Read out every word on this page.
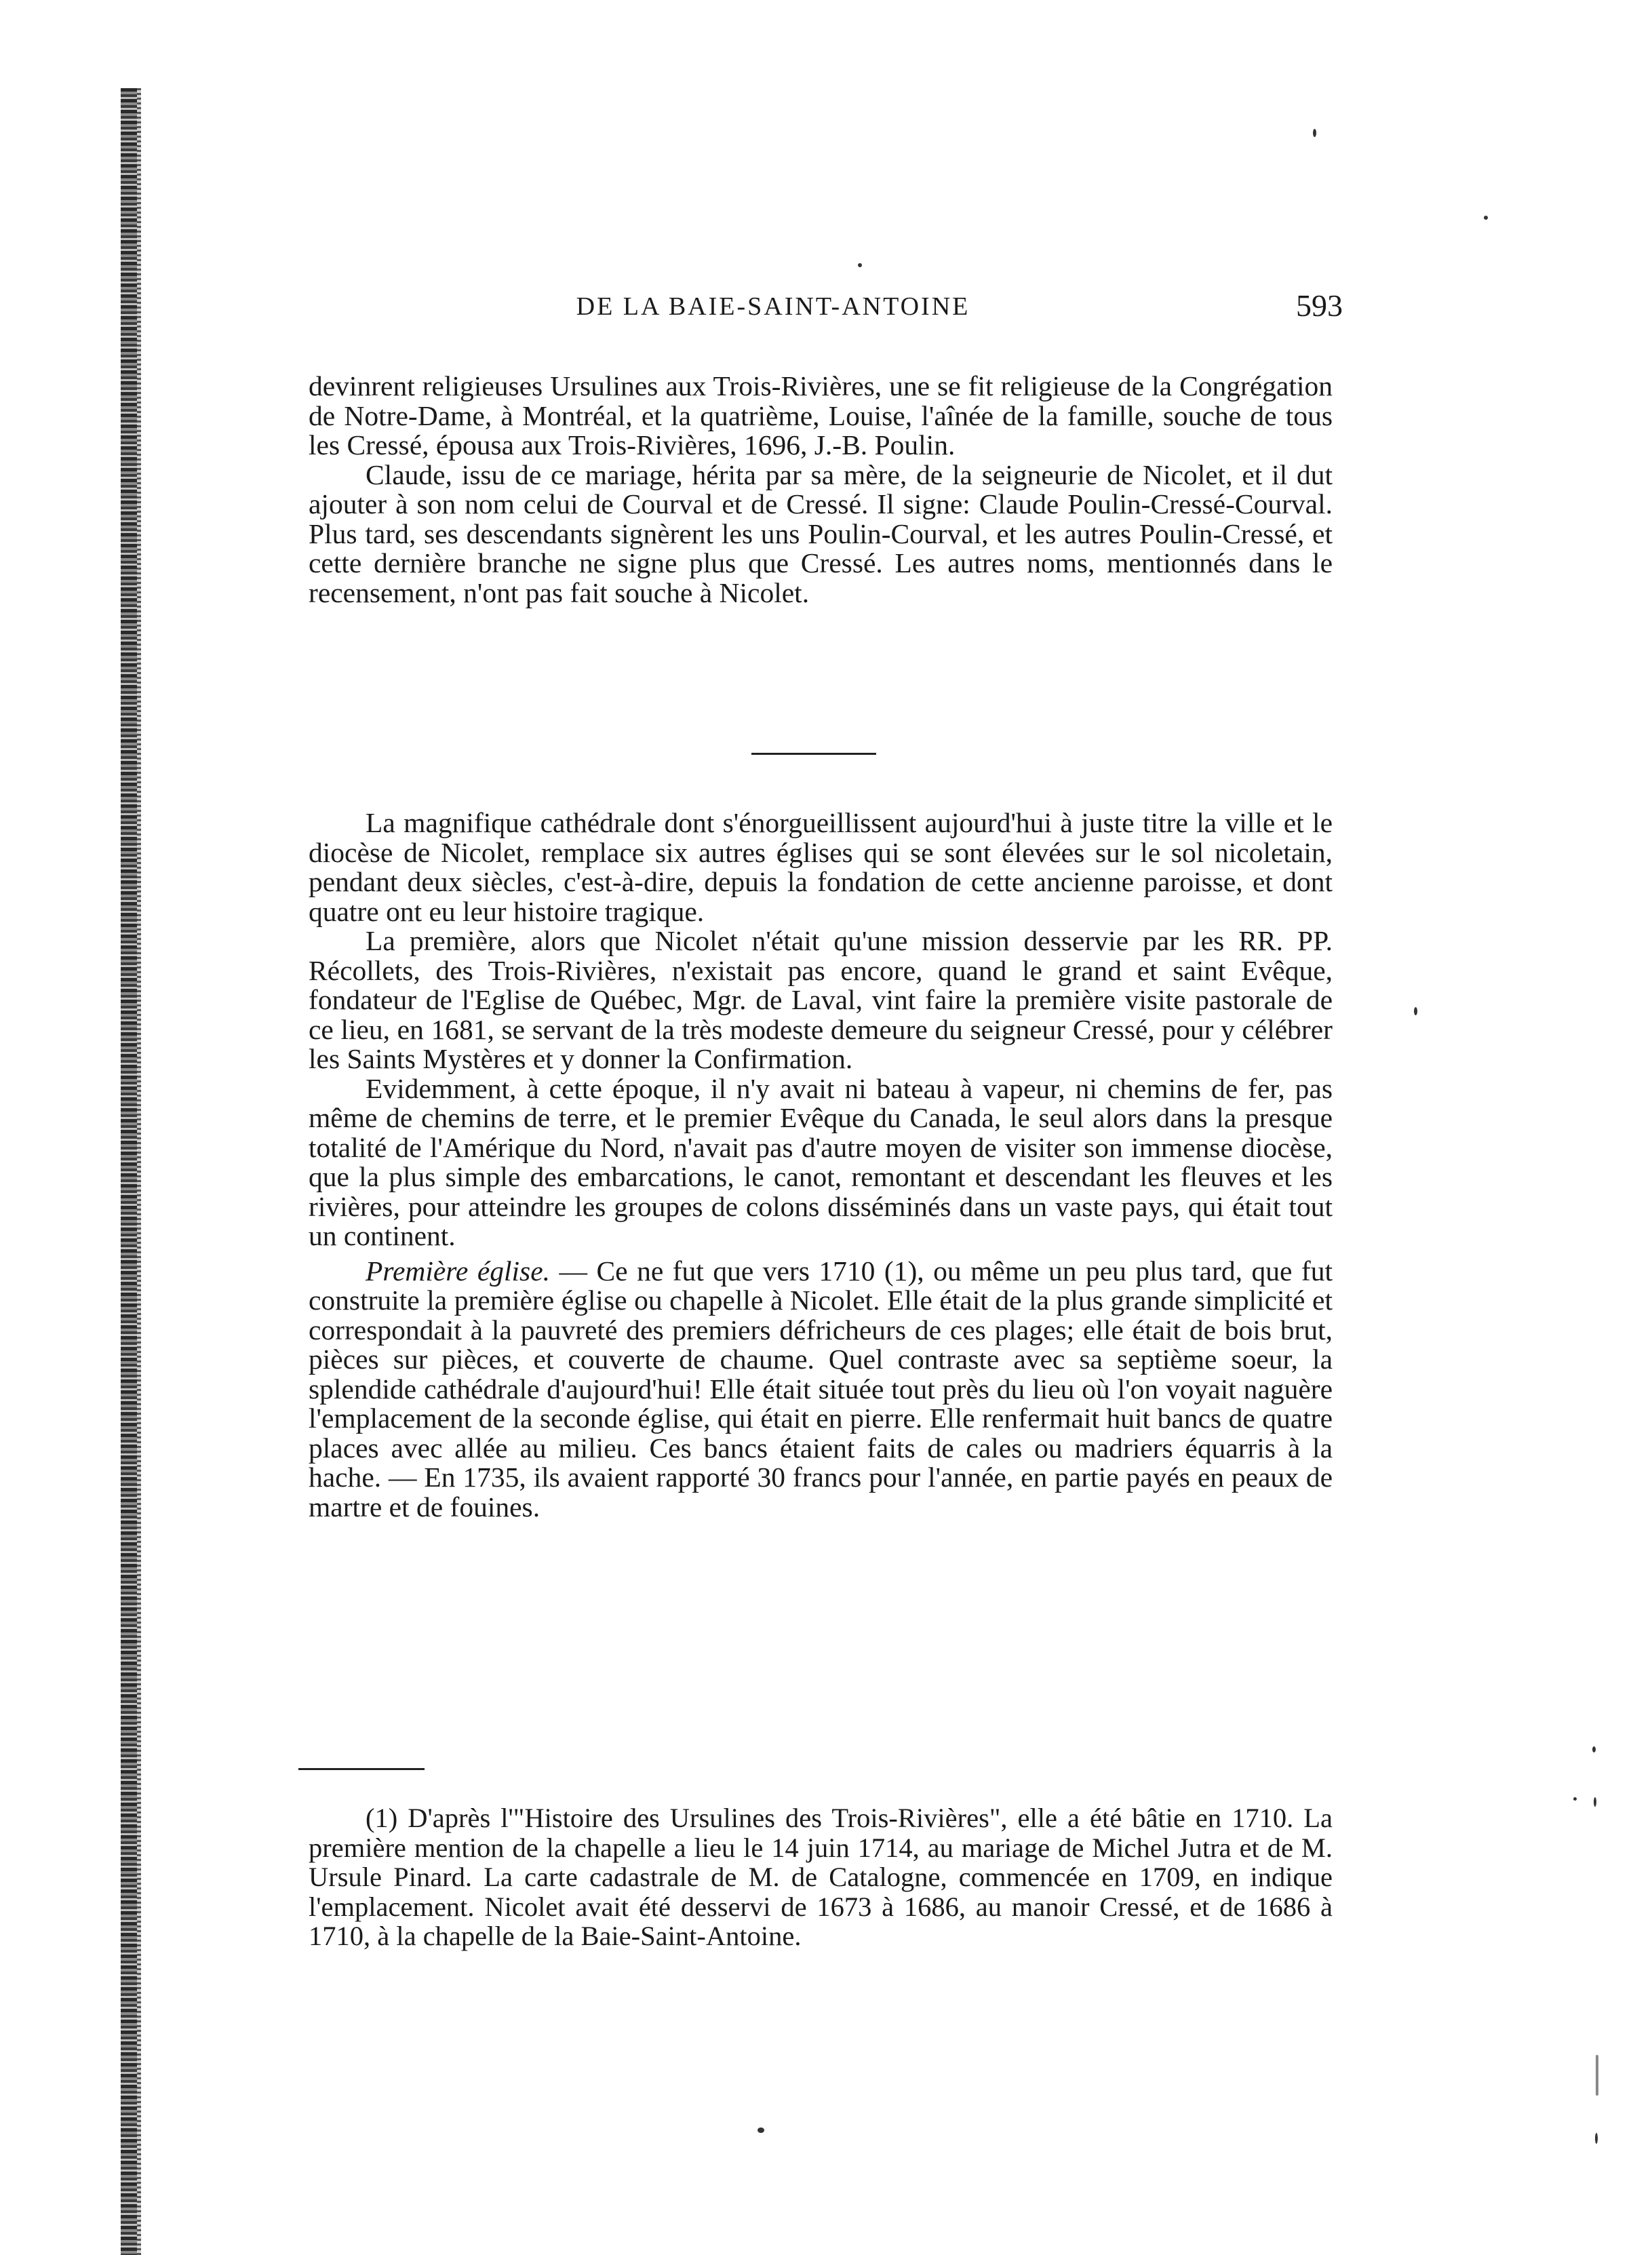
DE LA BAIE-SAINT-ANTOINE	593

devinrent religieuses Ursulines aux Trois-Rivières, une se fit religieuse de la Congrégation de Notre-Dame, à Montréal, et la quatrième, Louise, l'aînée de la famille, souche de tous les Cressé, épousa aux Trois-Rivières, 1696, J.-B. Poulin.

Claude, issu de ce mariage, hérita par sa mère, de la seigneurie de Nicolet, et il dut ajouter à son nom celui de Courval et de Cressé. Il signe: Claude Poulin-Cressé-Courval. Plus tard, ses descendants signèrent les uns Poulin-Courval, et les autres Poulin-Cressé, et cette dernière branche ne signe plus que Cressé. Les autres noms, mentionnés dans le recensement, n'ont pas fait souche à Nicolet.

La magnifique cathédrale dont s'énorgueillissent aujourd'hui à juste titre la ville et le diocèse de Nicolet, remplace six autres églises qui se sont élevées sur le sol nicoletain, pendant deux siècles, c'est-à-dire, depuis la fondation de cette ancienne paroisse, et dont quatre ont eu leur histoire tragique.

La première, alors que Nicolet n'était qu'une mission desservie par les RR. PP. Récollets, des Trois-Rivières, n'existait pas encore, quand le grand et saint Evêque, fondateur de l'Eglise de Québec, Mgr. de Laval, vint faire la première visite pastorale de ce lieu, en 1681, se servant de la très modeste demeure du seigneur Cressé, pour y célébrer les Saints Mystères et y donner la Confirmation.

Evidemment, à cette époque, il n'y avait ni bateau à vapeur, ni chemins de fer, pas même de chemins de terre, et le premier Evêque du Canada, le seul alors dans la presque totalité de l'Amérique du Nord, n'avait pas d'autre moyen de visiter son immense diocèse, que la plus simple des embarcations, le canot, remontant et descendant les fleuves et les rivières, pour atteindre les groupes de colons disséminés dans un vaste pays, qui était tout un continent.

Première église. — Ce ne fut que vers 1710 (1), ou même un peu plus tard, que fut construite la première église ou chapelle à Nicolet. Elle était de la plus grande simplicité et correspondait à la pauvreté des premiers défricheurs de ces plages; elle était de bois brut, pièces sur pièces, et couverte de chaume. Quel contraste avec sa septième soeur, la splendide cathédrale d'aujourd'hui! Elle était située tout près du lieu où l'on voyait naguère l'emplacement de la seconde église, qui était en pierre. Elle renfermait huit bancs de quatre places avec allée au milieu. Ces bancs étaient faits de cales ou madriers équarris à la hache. — En 1735, ils avaient rapporté 30 francs pour l'année, en partie payés en peaux de martre et de fouines.

(1) D'après l'"Histoire des Ursulines des Trois-Rivières", elle a été bâtie en 1710. La première mention de la chapelle a lieu le 14 juin 1714, au mariage de Michel Jutra et de M. Ursule Pinard. La carte cadastrale de M. de Catalogne, commencée en 1709, en indique l'emplacement. Nicolet avait été desservi de 1673 à 1686, au manoir Cressé, et de 1686 à 1710, à la chapelle de la Baie-Saint-Antoine.
